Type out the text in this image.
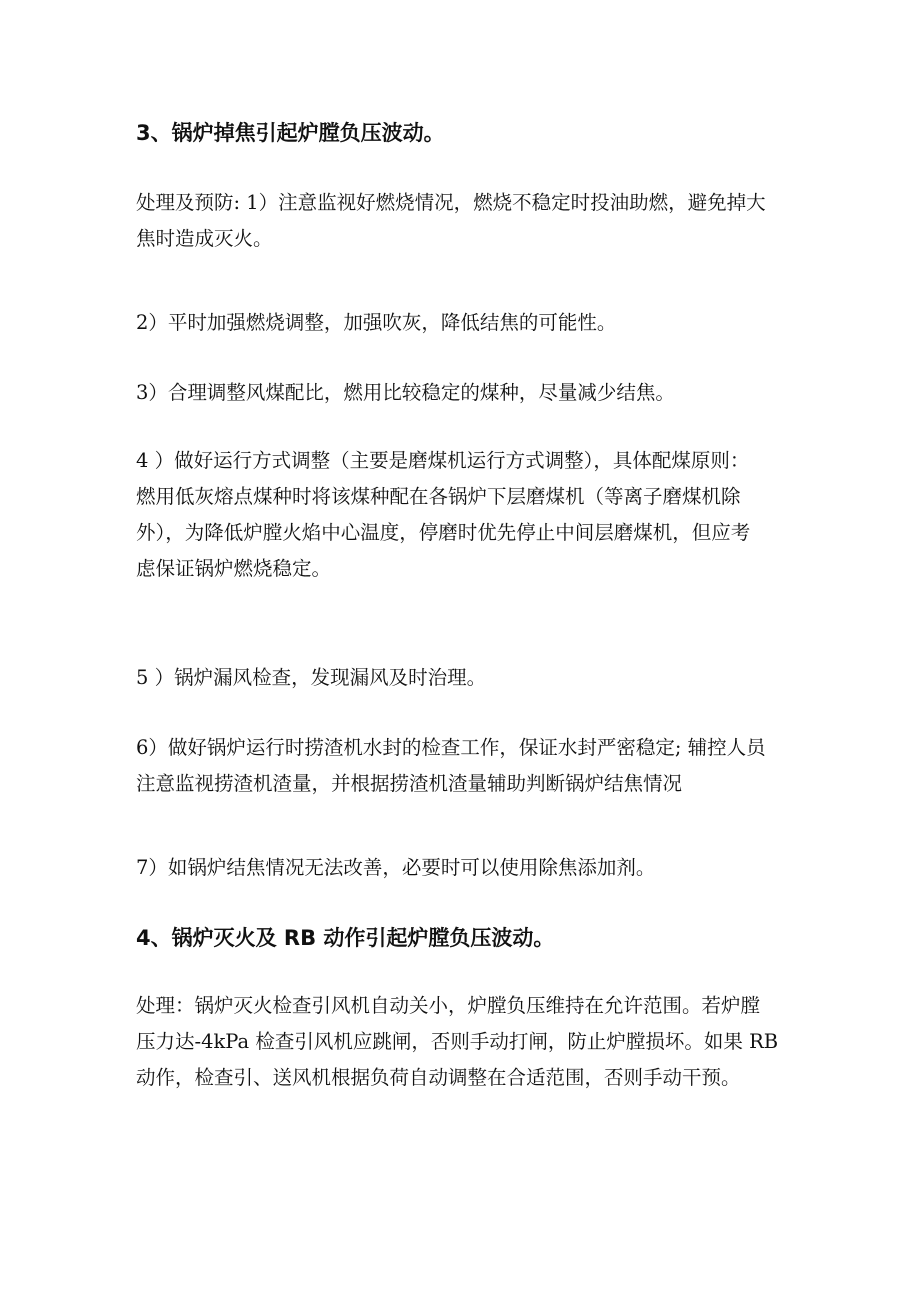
3、锅炉掉焦引起炉膛负压波动。
处理及预防: 1）注意监视好燃烧情况，燃烧不稳定时投油助燃，避免掉大
焦时造成灭火。
2）平时加强燃烧调整，加强吹灰，降低结焦的可能性。
3）合理调整风煤配比，燃用比较稳定的煤种，尽量减少结焦。
4 ）做好运行方式调整（主要是磨煤机运行方式调整），具体配煤原则：
燃用低灰熔点煤种时将该煤种配在各锅炉下层磨煤机（等离子磨煤机除
外），为降低炉膛火焰中心温度，停磨时优先停止中间层磨煤机，但应考
虑保证锅炉燃烧稳定。
5 ）锅炉漏风检查，发现漏风及时治理。
6）做好锅炉运行时捞渣机水封的检查工作，保证水封严密稳定; 辅控人员
注意监视捞渣机渣量，并根据捞渣机渣量辅助判断锅炉结焦情况
7）如锅炉结焦情况无法改善，必要时可以使用除焦添加剂。
4、锅炉灭火及 RB 动作引起炉膛负压波动。
处理：锅炉灭火检查引风机自动关小，炉膛负压维持在允许范围。若炉膛
压力达-4kPa 检查引风机应跳闸，否则手动打闸，防止炉膛损坏。如果 RB
动作，检查引、送风机根据负荷自动调整在合适范围，否则手动干预。
